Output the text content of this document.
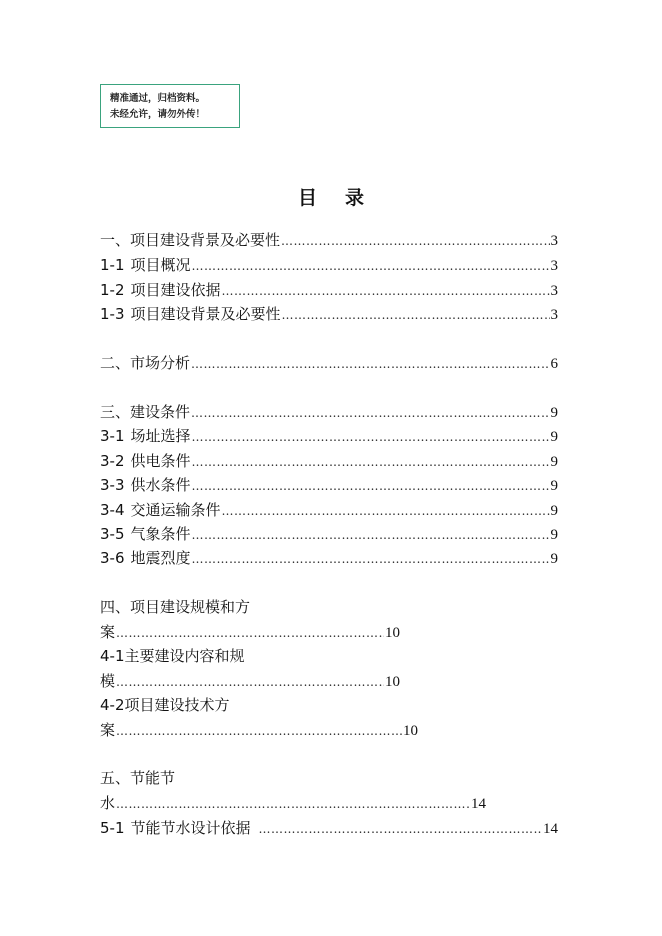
精准通过，归档资料。
未经允许，请勿外传！
目录
一、项目建设背景及必要性 …………………………………………………………………………………………………………………………	3
1-1 项目概况 …………………………………………………………………………………………………………………………	3
1-2 项目建设依据 …………………………………………………………………………………………………………………………	3
1-3 项目建设背景及必要性 …………………………………………………………………………………………………………………………	3
二、市场分析 …………………………………………………………………………………………………………………………	6
三、建设条件 …………………………………………………………………………………………………………………………	9
3-1 场址选择 …………………………………………………………………………………………………………………………	9
3-2 供电条件 …………………………………………………………………………………………………………………………	9
3-3 供水条件 …………………………………………………………………………………………………………………………	9
3-4 交通运输条件 …………………………………………………………………………………………………………………………	9
3-5 气象条件 …………………………………………………………………………………………………………………………	9
3-6 地震烈度 …………………………………………………………………………………………………………………………	9
四、项目建设规模和方
案 …………………………………………………………………………………………………………………………	10
4-1 主要建设内容和规
模 …………………………………………………………………………………………………………………………	10
4-2 项目建设技术方
案 …………………………………………………………………………………………………………………………	10
五、节能节
水 …………………………………………………………………………………………………………………………	14
5-1 节能节水设计依据 …………………………………………………………………………………………………………………………	14
